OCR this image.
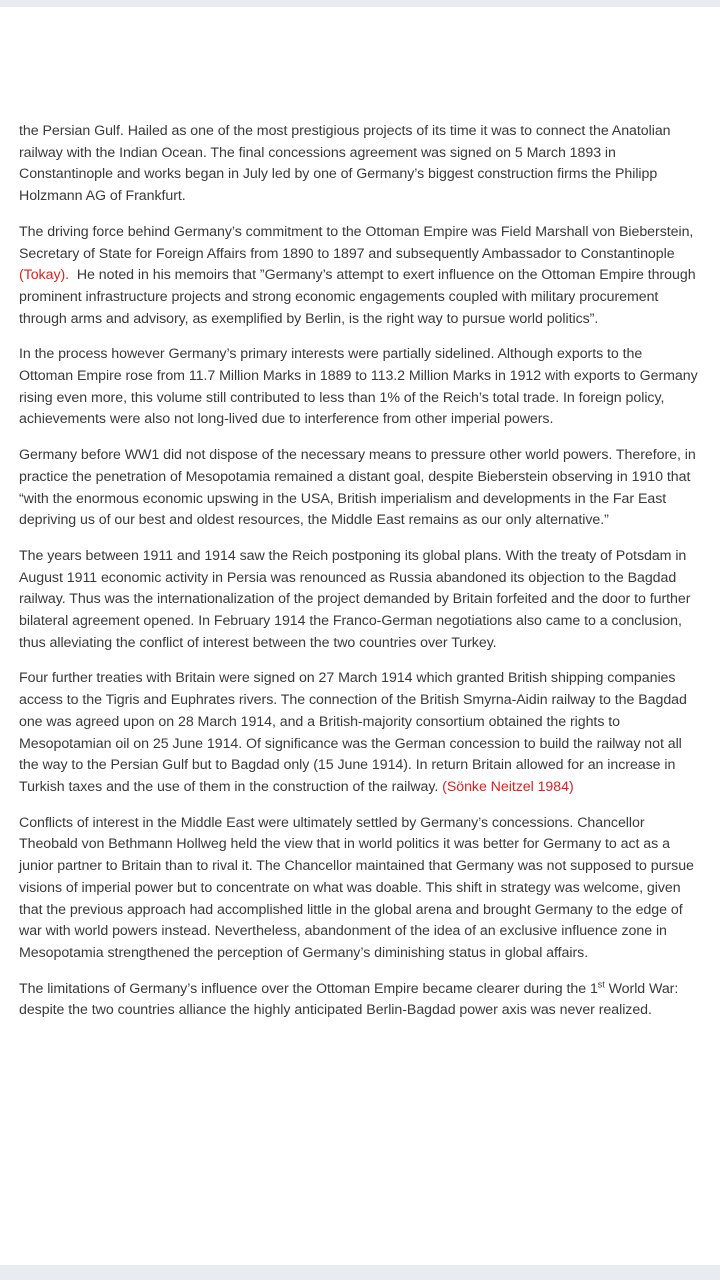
the Persian Gulf. Hailed as one of the most prestigious projects of its time it was to connect the Anatolian railway with the Indian Ocean. The final concessions agreement was signed on 5 March 1893 in Constantinople and works began in July led by one of Germany’s biggest construction firms the Philipp Holzmann AG of Frankfurt.

The driving force behind Germany’s commitment to the Ottoman Empire was Field Marshall von Bieberstein, Secretary of State for Foreign Affairs from 1890 to 1897 and subsequently Ambassador to Constantinople (Tokay).  He noted in his memoirs that ”Germany’s attempt to exert influence on the Ottoman Empire through prominent infrastructure projects and strong economic engagements coupled with military procurement through arms and advisory, as exemplified by Berlin, is the right way to pursue world politics”.

In the process however Germany’s primary interests were partially sidelined. Although exports to the Ottoman Empire rose from 11.7 Million Marks in 1889 to 113.2 Million Marks in 1912 with exports to Germany rising even more, this volume still contributed to less than 1% of the Reich’s total trade. In foreign policy, achievements were also not long-lived due to interference from other imperial powers.

Germany before WW1 did not dispose of the necessary means to pressure other world powers. Therefore, in practice the penetration of Mesopotamia remained a distant goal, despite Bieberstein observing in 1910 that “with the enormous economic upswing in the USA, British imperialism and developments in the Far East depriving us of our best and oldest resources, the Middle East remains as our only alternative.”

The years between 1911 and 1914 saw the Reich postponing its global plans. With the treaty of Potsdam in August 1911 economic activity in Persia was renounced as Russia abandoned its objection to the Bagdad railway. Thus was the internationalization of the project demanded by Britain forfeited and the door to further bilateral agreement opened. In February 1914 the Franco-German negotiations also came to a conclusion, thus alleviating the conflict of interest between the two countries over Turkey.

Four further treaties with Britain were signed on 27 March 1914 which granted British shipping companies access to the Tigris and Euphrates rivers. The connection of the British Smyrna-Aidin railway to the Bagdad one was agreed upon on 28 March 1914, and a British-majority consortium obtained the rights to Mesopotamian oil on 25 June 1914. Of significance was the German concession to build the railway not all the way to the Persian Gulf but to Bagdad only (15 June 1914). In return Britain allowed for an increase in Turkish taxes and the use of them in the construction of the railway. (Sönke Neitzel 1984)

Conflicts of interest in the Middle East were ultimately settled by Germany’s concessions. Chancellor Theobald von Bethmann Hollweg held the view that in world politics it was better for Germany to act as a junior partner to Britain than to rival it. The Chancellor maintained that Germany was not supposed to pursue visions of imperial power but to concentrate on what was doable. This shift in strategy was welcome, given that the previous approach had accomplished little in the global arena and brought Germany to the edge of war with world powers instead. Nevertheless, abandonment of the idea of an exclusive influence zone in Mesopotamia strengthened the perception of Germany’s diminishing status in global affairs.

The limitations of Germany’s influence over the Ottoman Empire became clearer during the 1st World War: despite the two countries alliance the highly anticipated Berlin-Bagdad power axis was never realized.
